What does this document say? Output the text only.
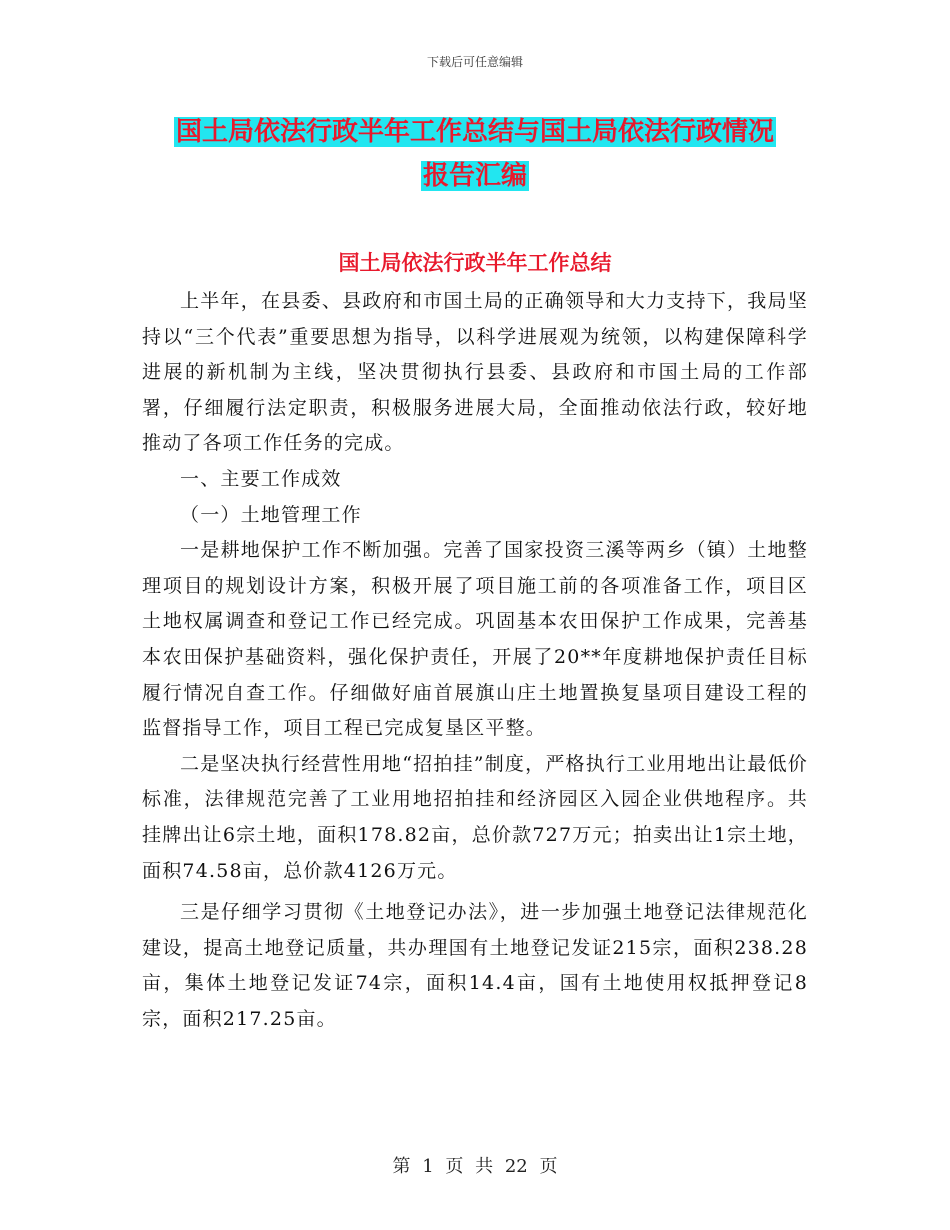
下载后可任意编辑
国土局依法行政半年工作总结与国土局依法行政情况
报告汇编
国土局依法行政半年工作总结

上半年，在县委、县政府和市国土局的正确领导和大力支持下，我局坚持以“三个代表”重要思想为指导，以科学进展观为统领，以构建保障科学进展的新机制为主线，坚决贯彻执行县委、县政府和市国土局的工作部署，仔细履行法定职责，积极服务进展大局，全面推动依法行政，较好地推动了各项工作任务的完成。

一、主要工作成效

（一）土地管理工作

一是耕地保护工作不断加强。完善了国家投资三溪等两乡（镇）土地整理项目的规划设计方案，积极开展了项目施工前的各项准备工作，项目区土地权属调查和登记工作已经完成。巩固基本农田保护工作成果，完善基本农田保护基础资料，强化保护责任，开展了20**年度耕地保护责任目标履行情况自查工作。仔细做好庙首展旗山庄土地置换复垦项目建设工程的监督指导工作，项目工程已完成复垦区平整。

二是坚决执行经营性用地“招拍挂”制度，严格执行工业用地出让最低价标准，法律规范完善了工业用地招拍挂和经济园区入园企业供地程序。共挂牌出让6宗土地，面积178.82亩，总价款727万元；拍卖出让1宗土地，面积74.58亩，总价款4126万元。

三是仔细学习贯彻《土地登记办法》，进一步加强土地登记法律规范化建设，提高土地登记质量，共办理国有土地登记发证215宗，面积238.28亩，集体土地登记发证74宗，面积14.4亩，国有土地使用权抵押登记8宗，面积217.25亩。

第 1 页 共 22 页
